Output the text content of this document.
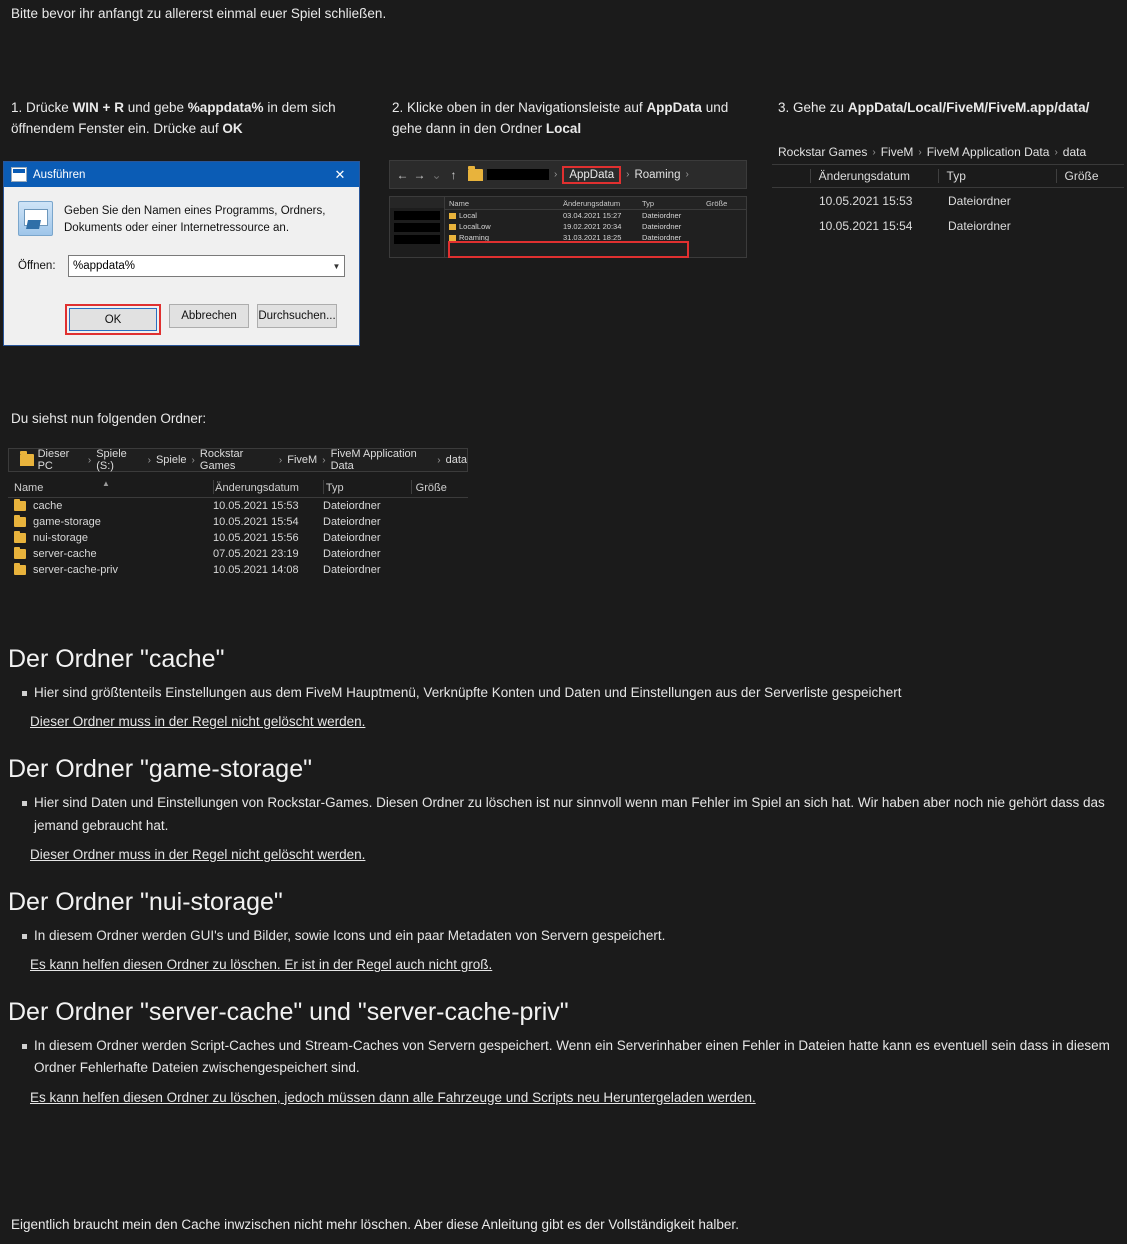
Bitte bevor ihr anfangt zu allererst einmal euer Spiel schließen.
1. Drücke WIN + R und gebe %appdata% in dem sich öffnendem Fenster ein. Drücke auf OK
2. Klicke oben in der Navigationsleiste auf AppData und gehe dann in den Ordner Local
3. Gehe zu AppData/Local/FiveM/FiveM.app/data/
Ausführen	✕
Geben Sie den Namen eines Programms, Ordners, Dokuments oder einer Internetressource an.
Öffnen:
%appdata%	▼
OK	Abbrechen	Durchsuchen...
← → ⌄ ↑	›	AppData	› Roaming ›
Name	Änderungsdatum	Typ	Größe
Local	03.04.2021 15:27	Dateiordner
LocalLow	19.02.2021 20:34	Dateiordner
Roaming	31.03.2021 18:25	Dateiordner
Rockstar Games › FiveM › FiveM Application Data › data
Änderungsdatum	Typ	Größe
10.05.2021 15:53	Dateiordner
10.05.2021 15:54	Dateiordner
Du siehst nun folgenden Ordner:
Dieser PC	› Spiele (S:)	› Spiele › Rockstar Games	› FiveM › FiveM Application Data	› data
Name	▲	Änderungsdatum	Typ	Größe
cache	10.05.2021 15:53	Dateiordner
game-storage	10.05.2021 15:54	Dateiordner
nui-storage	10.05.2021 15:56	Dateiordner
server-cache	07.05.2021 23:19	Dateiordner
server-cache-priv	10.05.2021 14:08	Dateiordner
Der Ordner "cache"
Hier sind größtenteils Einstellungen aus dem FiveM Hauptmenü, Verknüpfte Konten und Daten und Einstellungen aus der Serverliste gespeichert
Dieser Ordner muss in der Regel nicht gelöscht werden.
Der Ordner "game-storage"
Hier sind Daten und Einstellungen von Rockstar-Games. Diesen Ordner zu löschen ist nur sinnvoll wenn man Fehler im Spiel an sich hat. Wir haben aber noch nie gehört dass das jemand gebraucht hat.
Dieser Ordner muss in der Regel nicht gelöscht werden.
Der Ordner "nui-storage"
In diesem Ordner werden GUI's und Bilder, sowie Icons und ein paar Metadaten von Servern gespeichert.
Es kann helfen diesen Ordner zu löschen. Er ist in der Regel auch nicht groß.
Der Ordner "server-cache" und "server-cache-priv"
In diesem Ordner werden Script-Caches und Stream-Caches von Servern gespeichert. Wenn ein Serverinhaber einen Fehler in Dateien hatte kann es eventuell sein dass in diesem Ordner Fehlerhafte Dateien zwischengespeichert sind.
Es kann helfen diesen Ordner zu löschen, jedoch müssen dann alle Fahrzeuge und Scripts neu Heruntergeladen werden.
Eigentlich braucht mein den Cache inwzischen nicht mehr löschen. Aber diese Anleitung gibt es der Vollständigkeit halber.
